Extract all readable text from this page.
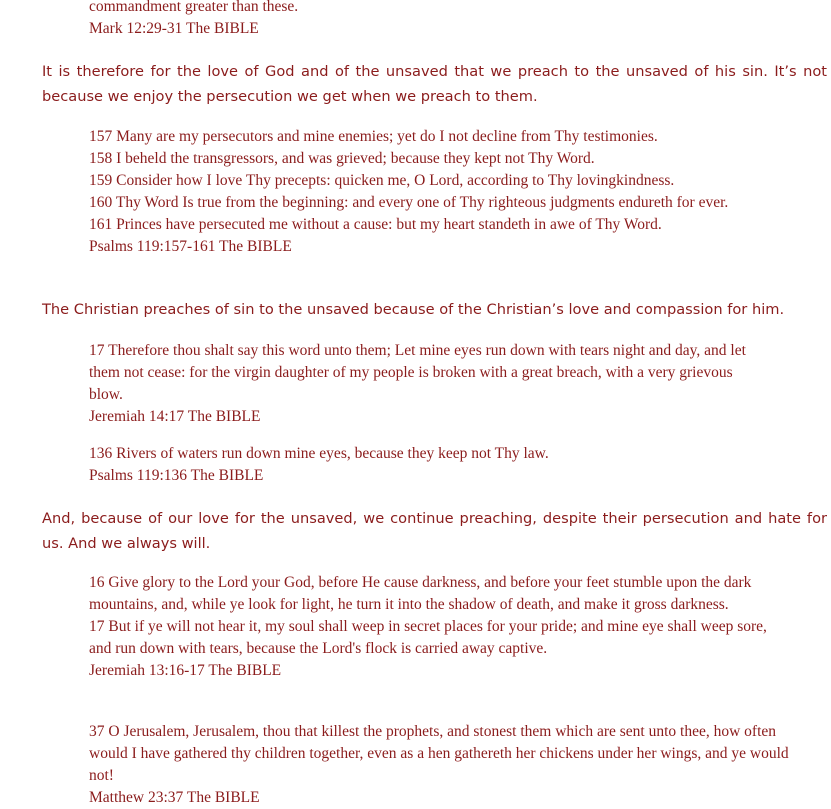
commandment greater than these.
Mark 12:29-31 The BIBLE
It is therefore for the love of God and of the unsaved that we preach to the unsaved of his sin. It’s not because we enjoy the persecution we get when we preach to them.
157 Many are my persecutors and mine enemies; yet do I not decline from Thy testimonies.
158 I beheld the transgressors, and was grieved; because they kept not Thy Word.
159 Consider how I love Thy precepts: quicken me, O Lord, according to Thy lovingkindness.
160 Thy Word Is true from the beginning: and every one of Thy righteous judgments endureth for ever.
161 Princes have persecuted me without a cause: but my heart standeth in awe of Thy Word.
Psalms 119:157-161 The BIBLE
The Christian preaches of sin to the unsaved because of the Christian’s love and compassion for him.
17 Therefore thou shalt say this word unto them; Let mine eyes run down with tears night and day, and let them not cease: for the virgin daughter of my people is broken with a great breach, with a very grievous blow.
Jeremiah 14:17 The BIBLE
136 Rivers of waters run down mine eyes, because they keep not Thy law.
Psalms 119:136 The BIBLE
And, because of our love for the unsaved, we continue preaching, despite their persecution and hate for us. And we always will.
16 Give glory to the Lord your God, before He cause darkness, and before your feet stumble upon the dark mountains, and, while ye look for light, he turn it into the shadow of death, and make it gross darkness.
17 But if ye will not hear it, my soul shall weep in secret places for your pride; and mine eye shall weep sore, and run down with tears, because the Lord's flock is carried away captive.
Jeremiah 13:16-17 The BIBLE
37 O Jerusalem, Jerusalem, thou that killest the prophets, and stonest them which are sent unto thee, how often would I have gathered thy children together, even as a hen gathereth her chickens under her wings, and ye would not!
Matthew 23:37 The BIBLE
